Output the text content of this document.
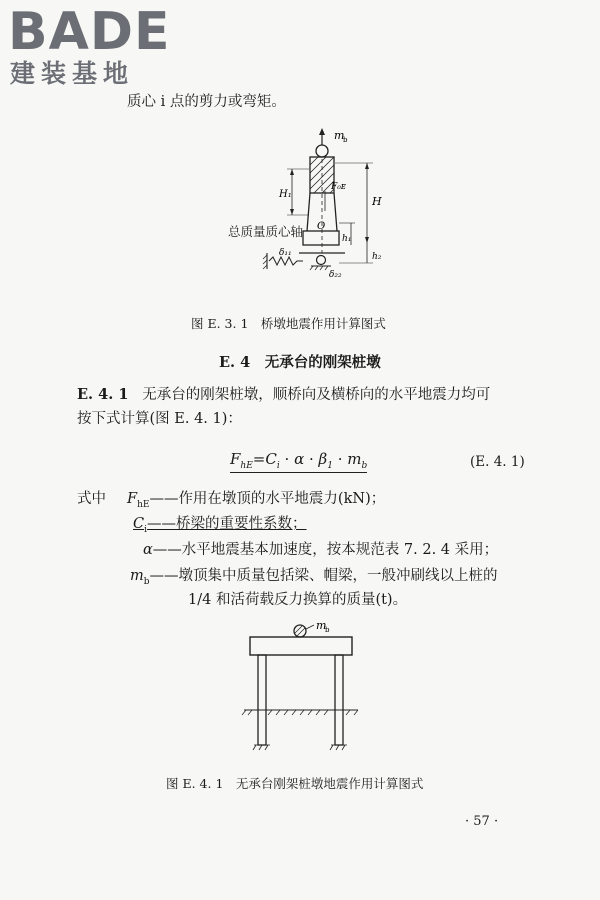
BADE
建装基地
质心 i 点的剪力或弯矩。
m
b
F₀ᴇ
O
H₁
H
h₁
h₂
δ₁₁
δ₂₂
总质量质心轴
图 E. 3. 1　桥墩地震作用计算图式
E. 4　无承台的刚架桩墩
E. 4. 1 无承台的刚架桩墩，顺桥向及横桥向的水平地震力均可
按下式计算(图 E. 4. 1)：
$F_{hE}=C_i \cdot \alpha \cdot \beta_1 \cdot m_b$	(E. 4. 1)
式中 $F_{hE}——$作用在墩顶的水平地震力(kN)；
$C_i——$桥梁的重要性系数；
α——水平地震基本加速度，按本规范表 7. 2. 4 采用；
$m_b——$墩顶集中质量包括梁、帽梁，一般冲刷线以上桩的
1/4 和活荷载反力换算的质量(t)。
m
b
图 E. 4. 1　无承台刚架桩墩地震作用计算图式
· 57 ·
